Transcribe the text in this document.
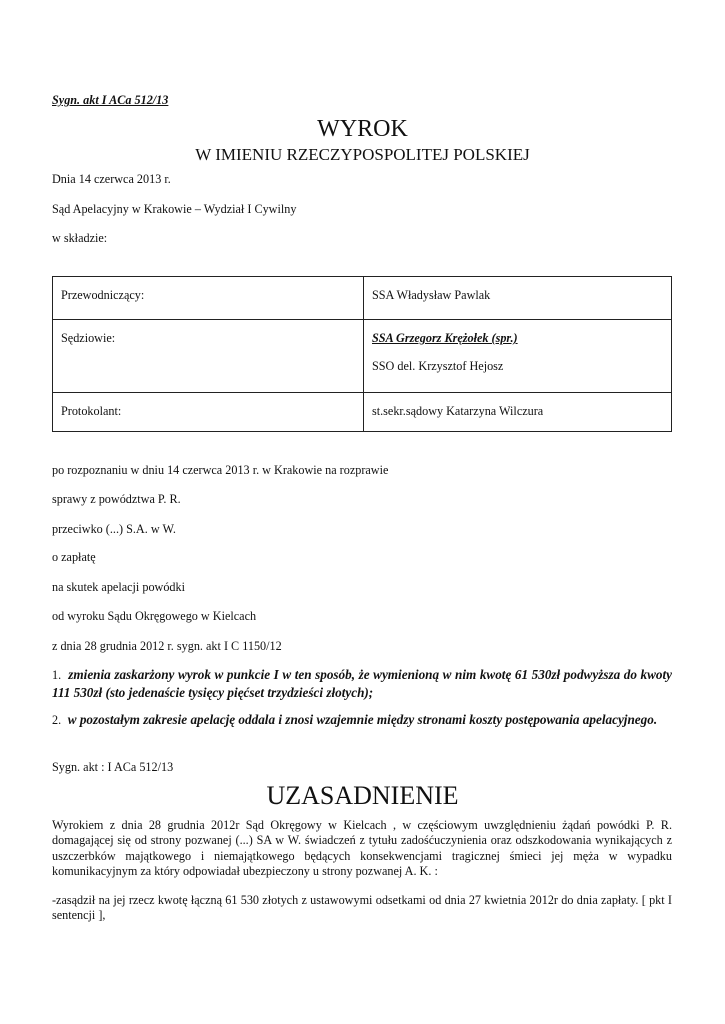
Sygn. akt I ACa 512/13
WYROK
W IMIENIU RZECZYPOSPOLITEJ POLSKIEJ
Dnia 14 czerwca 2013 r.
Sąd Apelacyjny w Krakowie – Wydział I Cywilny
w składzie:
Przewodniczący:	SSA Władysław Pawlak

Sędziowie:	SSA Grzegorz Krężołek (spr.)
SSO del. Krzysztof Hejosz

Protokolant:	st.sekr.sądowy Katarzyna Wilczura
po rozpoznaniu w dniu 14 czerwca 2013 r. w Krakowie na rozprawie
sprawy z powództwa P. R.
przeciwko (...) S.A. w W.
o zapłatę
na skutek apelacji powódki
od wyroku Sądu Okręgowego w Kielcach
z dnia 28 grudnia 2012 r. sygn. akt I C 1150/12
1. zmienia zaskarżony wyrok w punkcie I w ten sposób, że wymienioną w nim kwotę 61 530zł podwyższa do kwoty 111 530zł (sto jedenaście tysięcy pięćset trzydzieści złotych);
2. w pozostałym zakresie apelację oddala i znosi wzajemnie między stronami koszty postępowania apelacyjnego.
Sygn. akt : I ACa 512/13
UZASADNIENIE
Wyrokiem z dnia 28 grudnia 2012r Sąd Okręgowy w Kielcach , w częściowym uwzględnieniu żądań powódki P. R. domagającej się od strony pozwanej (...) SA w W. świadczeń z tytułu zadośćuczynienia oraz odszkodowania wynikających z uszczerbków majątkowego i niemajątkowego będących konsekwencjami tragicznej śmieci jej męża w wypadku komunikacyjnym za który odpowiadał ubezpieczony u strony pozwanej A. K. :
-zasądził na jej rzecz kwotę łączną 61 530 złotych z ustawowymi odsetkami od dnia 27 kwietnia 2012r do dnia zapłaty. [ pkt I sentencji ],
